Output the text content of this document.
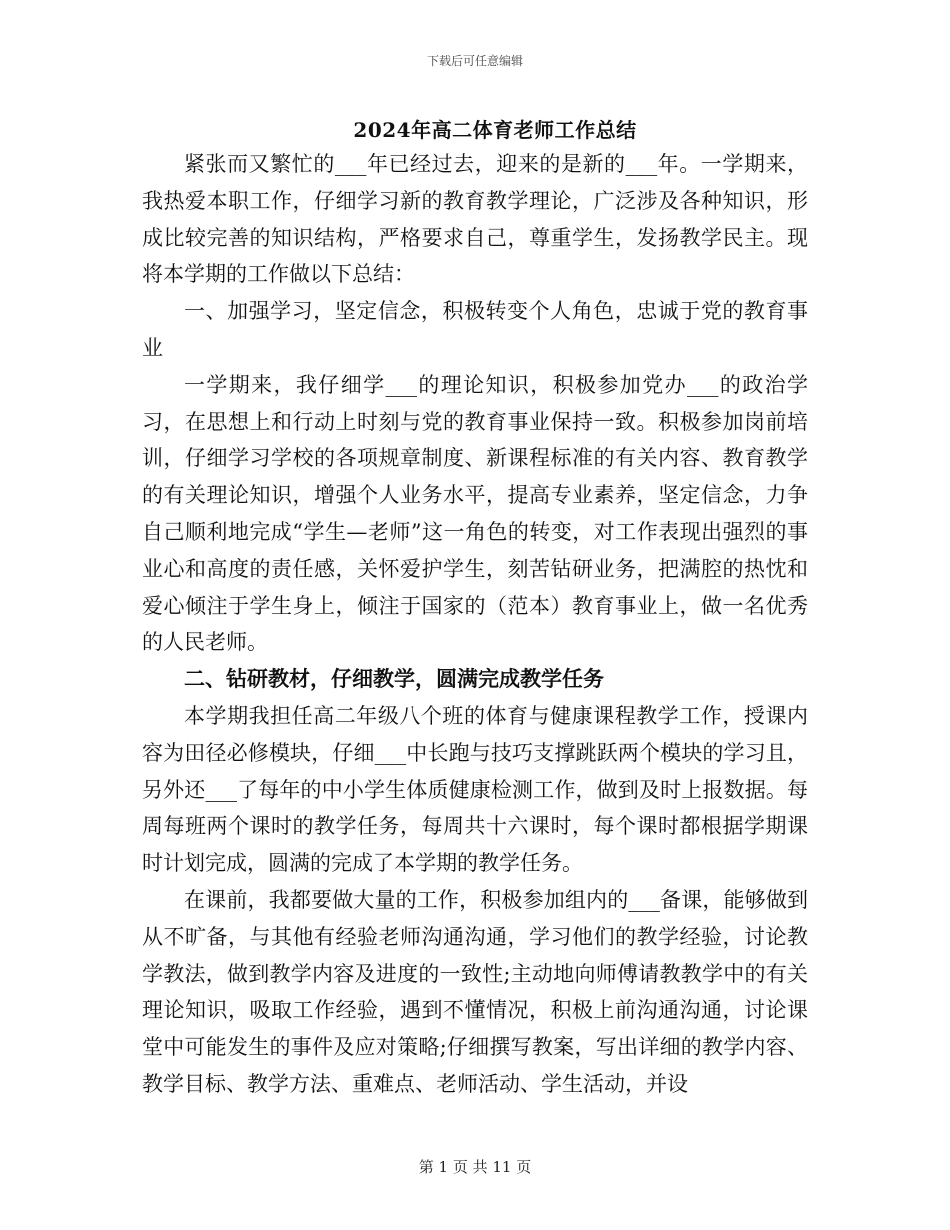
下载后可任意编辑
2024年高二体育老师工作总结

紧张而又繁忙的___年已经过去，迎来的是新的___年。一学期来，我热爱本职工作，仔细学习新的教育教学理论，广泛涉及各种知识，形成比较完善的知识结构，严格要求自己，尊重学生，发扬教学民主。现将本学期的工作做以下总结：

一、加强学习，坚定信念，积极转变个人角色，忠诚于党的教育事业

一学期来，我仔细学___的理论知识，积极参加党办___的政治学习，在思想上和行动上时刻与党的教育事业保持一致。积极参加岗前培训，仔细学习学校的各项规章制度、新课程标准的有关内容、教育教学的有关理论知识，增强个人业务水平，提高专业素养，坚定信念，力争自己顺利地完成“学生—老师”这一角色的转变，对工作表现出强烈的事业心和高度的责任感，关怀爱护学生，刻苦钻研业务，把满腔的热忱和爱心倾注于学生身上，倾注于国家的（范本）教育事业上，做一名优秀的人民老师。

二、钻研教材，仔细教学，圆满完成教学任务

本学期我担任高二年级八个班的体育与健康课程教学工作，授课内容为田径必修模块，仔细___中长跑与技巧支撑跳跃两个模块的学习且，另外还___了每年的中小学生体质健康检测工作，做到及时上报数据。每周每班两个课时的教学任务，每周共十六课时，每个课时都根据学期课时计划完成，圆满的完成了本学期的教学任务。

在课前，我都要做大量的工作，积极参加组内的___备课，能够做到从不旷备，与其他有经验老师沟通沟通，学习他们的教学经验，讨论教学教法，做到教学内容及进度的一致性;主动地向师傅请教教学中的有关理论知识，吸取工作经验，遇到不懂情况，积极上前沟通沟通，讨论课堂中可能发生的事件及应对策略;仔细撰写教案，写出详细的教学内容、教学目标、教学方法、重难点、老师活动、学生活动，并设

第 1 页 共 11 页
